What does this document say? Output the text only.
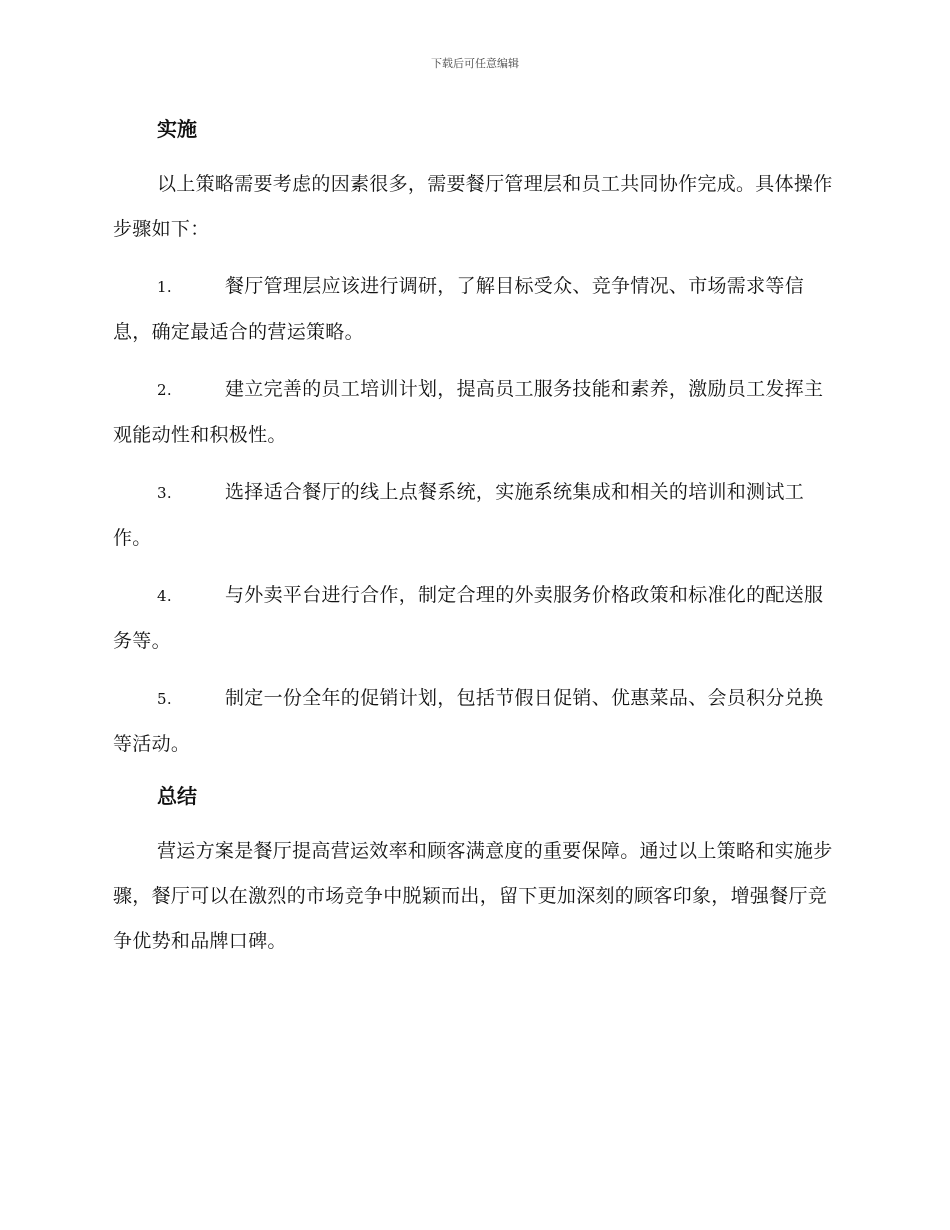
下载后可任意编辑
实施

以上策略需要考虑的因素很多，需要餐厅管理层和员工共同协作完成。具体操作步骤如下：

1.	餐厅管理层应该进行调研，了解目标受众、竞争情况、市场需求等信息，确定最适合的营运策略。
2.	建立完善的员工培训计划，提高员工服务技能和素养，激励员工发挥主观能动性和积极性。
3.	选择适合餐厅的线上点餐系统，实施系统集成和相关的培训和测试工作。
4.	与外卖平台进行合作，制定合理的外卖服务价格政策和标准化的配送服务等。
5.	制定一份全年的促销计划，包括节假日促销、优惠菜品、会员积分兑换等活动。
总结

营运方案是餐厅提高营运效率和顾客满意度的重要保障。通过以上策略和实施步骤，餐厅可以在激烈的市场竞争中脱颖而出，留下更加深刻的顾客印象，增强餐厅竞争优势和品牌口碑。
